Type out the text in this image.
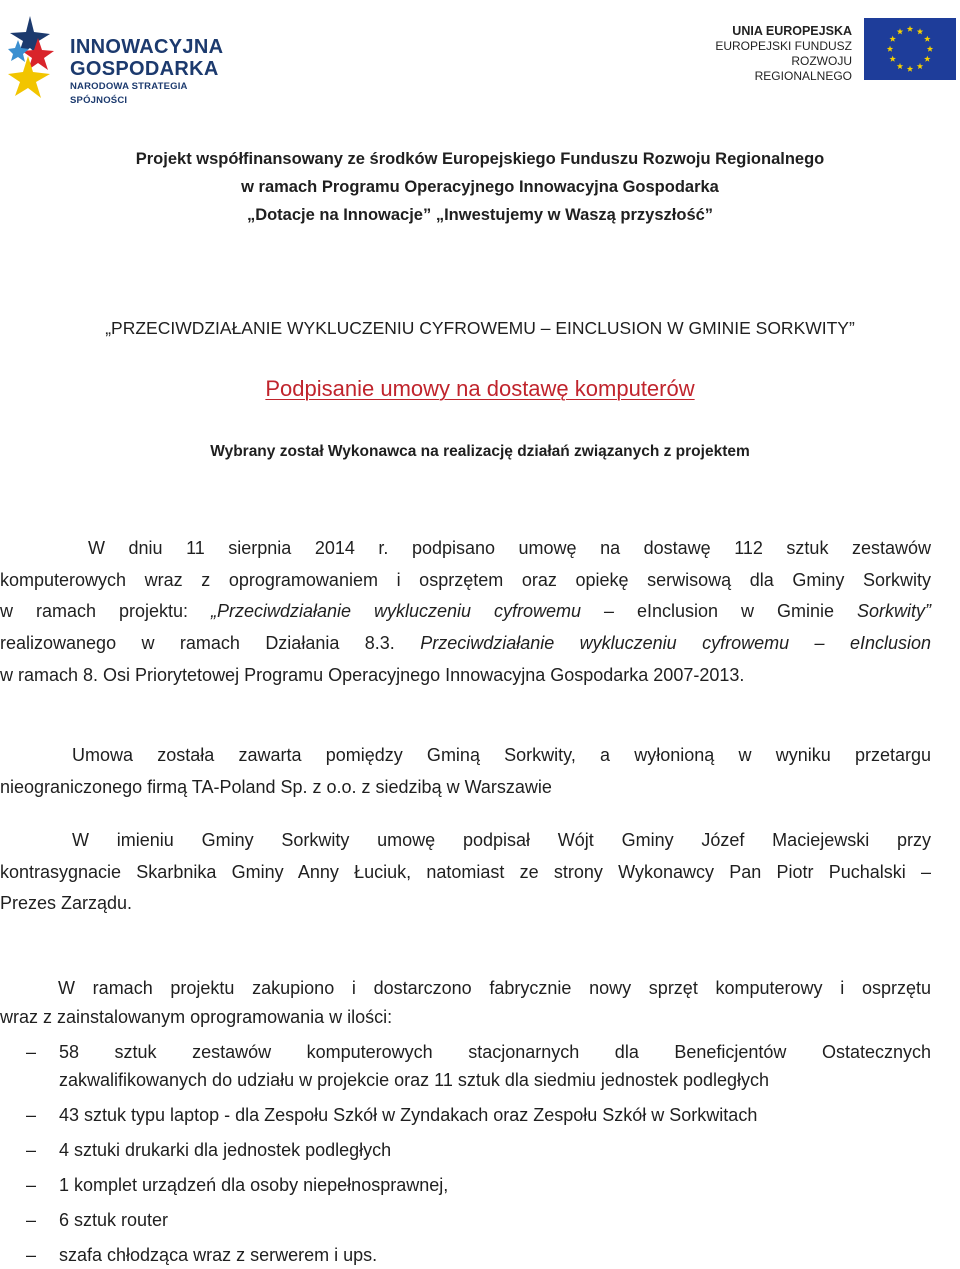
INNOWACYJNA
GOSPODARKA
NARODOWA STRATEGIA SPÓJNOŚCI
UNIA EUROPEJSKA
EUROPEJSKI FUNDUSZ
ROZWOJU REGIONALNEGO
Projekt współfinansowany ze środków Europejskiego Funduszu Rozwoju Regionalnego
w ramach Programu Operacyjnego Innowacyjna Gospodarka
„Dotacje na Innowacje” „Inwestujemy w Waszą przyszłość”
„PRZECIWDZIAŁANIE WYKLUCZENIU CYFROWEMU – EINCLUSION W GMINIE SORKWITY”
Podpisanie umowy na dostawę komputerów
Wybrany został Wykonawca na realizację działań związanych z projektem
W dniu 11 sierpnia 2014 r. podpisano umowę na dostawę 112 sztuk zestawów
komputerowych wraz z oprogramowaniem i osprzętem oraz opiekę serwisową dla Gminy Sorkwity
w ramach projektu: „Przeciwdziałanie wykluczeniu cyfrowemu – eInclusion w Gminie Sorkwity”
realizowanego w ramach Działania 8.3. Przeciwdziałanie wykluczeniu cyfrowemu – eInclusion
w ramach 8. Osi Priorytetowej Programu Operacyjnego Innowacyjna Gospodarka 2007-2013.
Umowa została zawarta pomiędzy Gminą Sorkwity, a wyłonioną w wyniku przetargu
nieograniczonego firmą TA-Poland Sp. z o.o. z siedzibą w Warszawie
W imieniu Gminy Sorkwity umowę podpisał Wójt Gminy Józef Maciejewski przy
kontrasygnacie Skarbnika Gminy Anny Łuciuk, natomiast ze strony Wykonawcy Pan Piotr Puchalski –
Prezes Zarządu.
W ramach projektu zakupiono i dostarczono fabrycznie nowy sprzęt komputerowy i osprzętu
wraz z zainstalowanym oprogramowania w ilości:
– 58 sztuk zestawów komputerowych stacjonarnych dla Beneficjentów Ostatecznych
zakwalifikowanych do udziału w projekcie oraz 11 sztuk dla siedmiu jednostek podległych
– 43 sztuk typu laptop - dla Zespołu Szkół w Zyndakach oraz Zespołu Szkół w Sorkwitach
– 4 sztuki drukarki dla jednostek podległych
– 1 komplet urządzeń dla osoby niepełnosprawnej,
– 6 sztuk router
– szafa chłodząca wraz z serwerem i ups.
